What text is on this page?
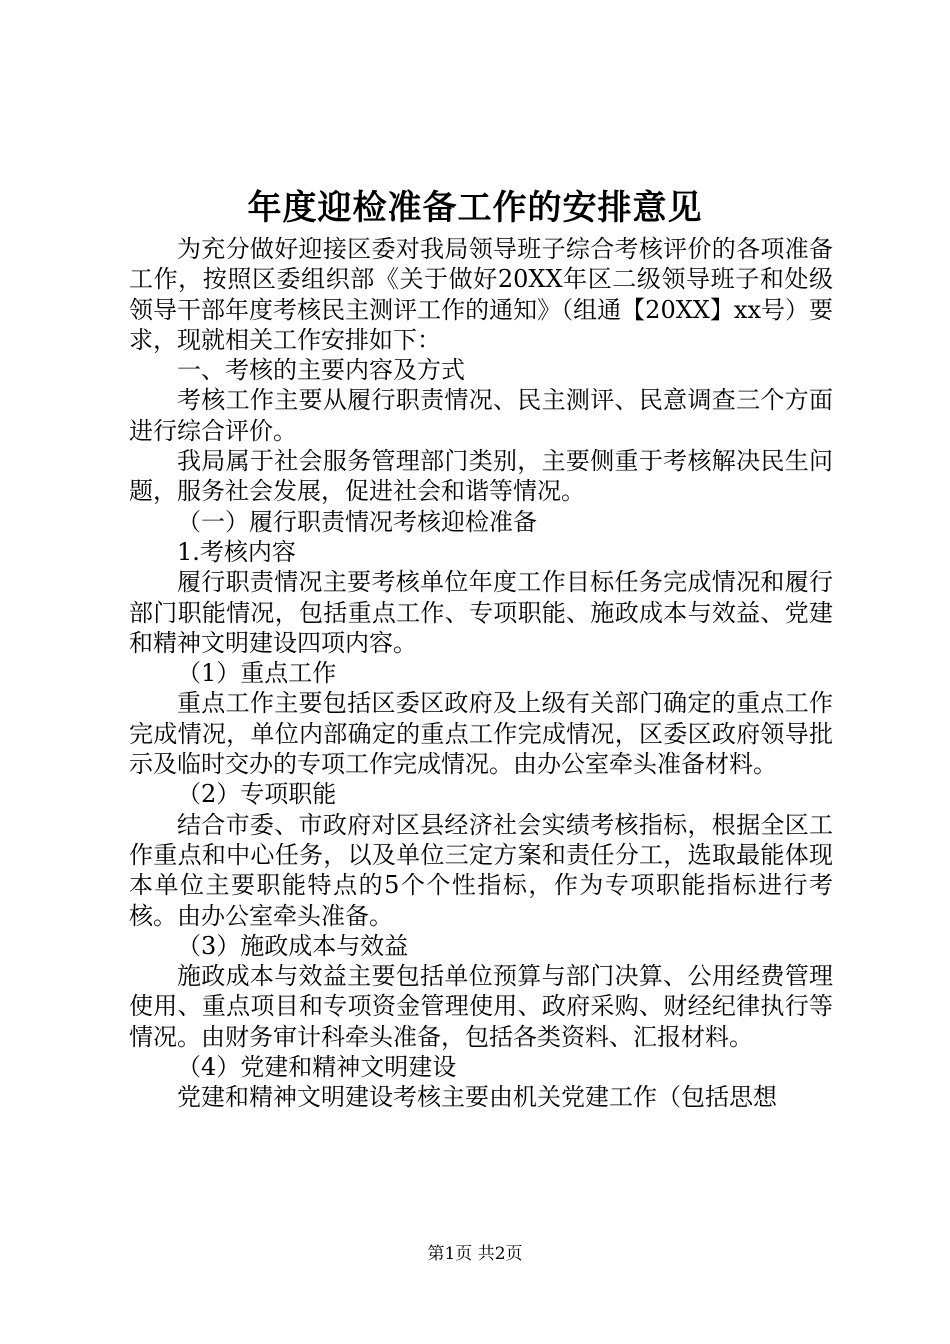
年度迎检准备工作的安排意见

为充分做好迎接区委对我局领导班子综合考核评价的各项准备工作，按照区委组织部《关于做好20XX年区二级领导班子和处级领导干部年度考核民主测评工作的通知》（组通【20XX】xx号）要求，现就相关工作安排如下：

一、考核的主要内容及方式

考核工作主要从履行职责情况、民主测评、民意调查三个方面进行综合评价。

我局属于社会服务管理部门类别，主要侧重于考核解决民生问题，服务社会发展，促进社会和谐等情况。

（一）履行职责情况考核迎检准备

1.考核内容

履行职责情况主要考核单位年度工作目标任务完成情况和履行部门职能情况，包括重点工作、专项职能、施政成本与效益、党建和精神文明建设四项内容。

（1）重点工作

重点工作主要包括区委区政府及上级有关部门确定的重点工作完成情况，单位内部确定的重点工作完成情况，区委区政府领导批示及临时交办的专项工作完成情况。由办公室牵头准备材料。

（2）专项职能

结合市委、市政府对区县经济社会实绩考核指标，根据全区工作重点和中心任务，以及单位三定方案和责任分工，选取最能体现本单位主要职能特点的5个个性指标，作为专项职能指标进行考核。由办公室牵头准备。

（3）施政成本与效益

施政成本与效益主要包括单位预算与部门决算、公用经费管理使用、重点项目和专项资金管理使用、政府采购、财经纪律执行等情况。由财务审计科牵头准备，包括各类资料、汇报材料。

（4）党建和精神文明建设

党建和精神文明建设考核主要由机关党建工作（包括思想

第1页 共2页
